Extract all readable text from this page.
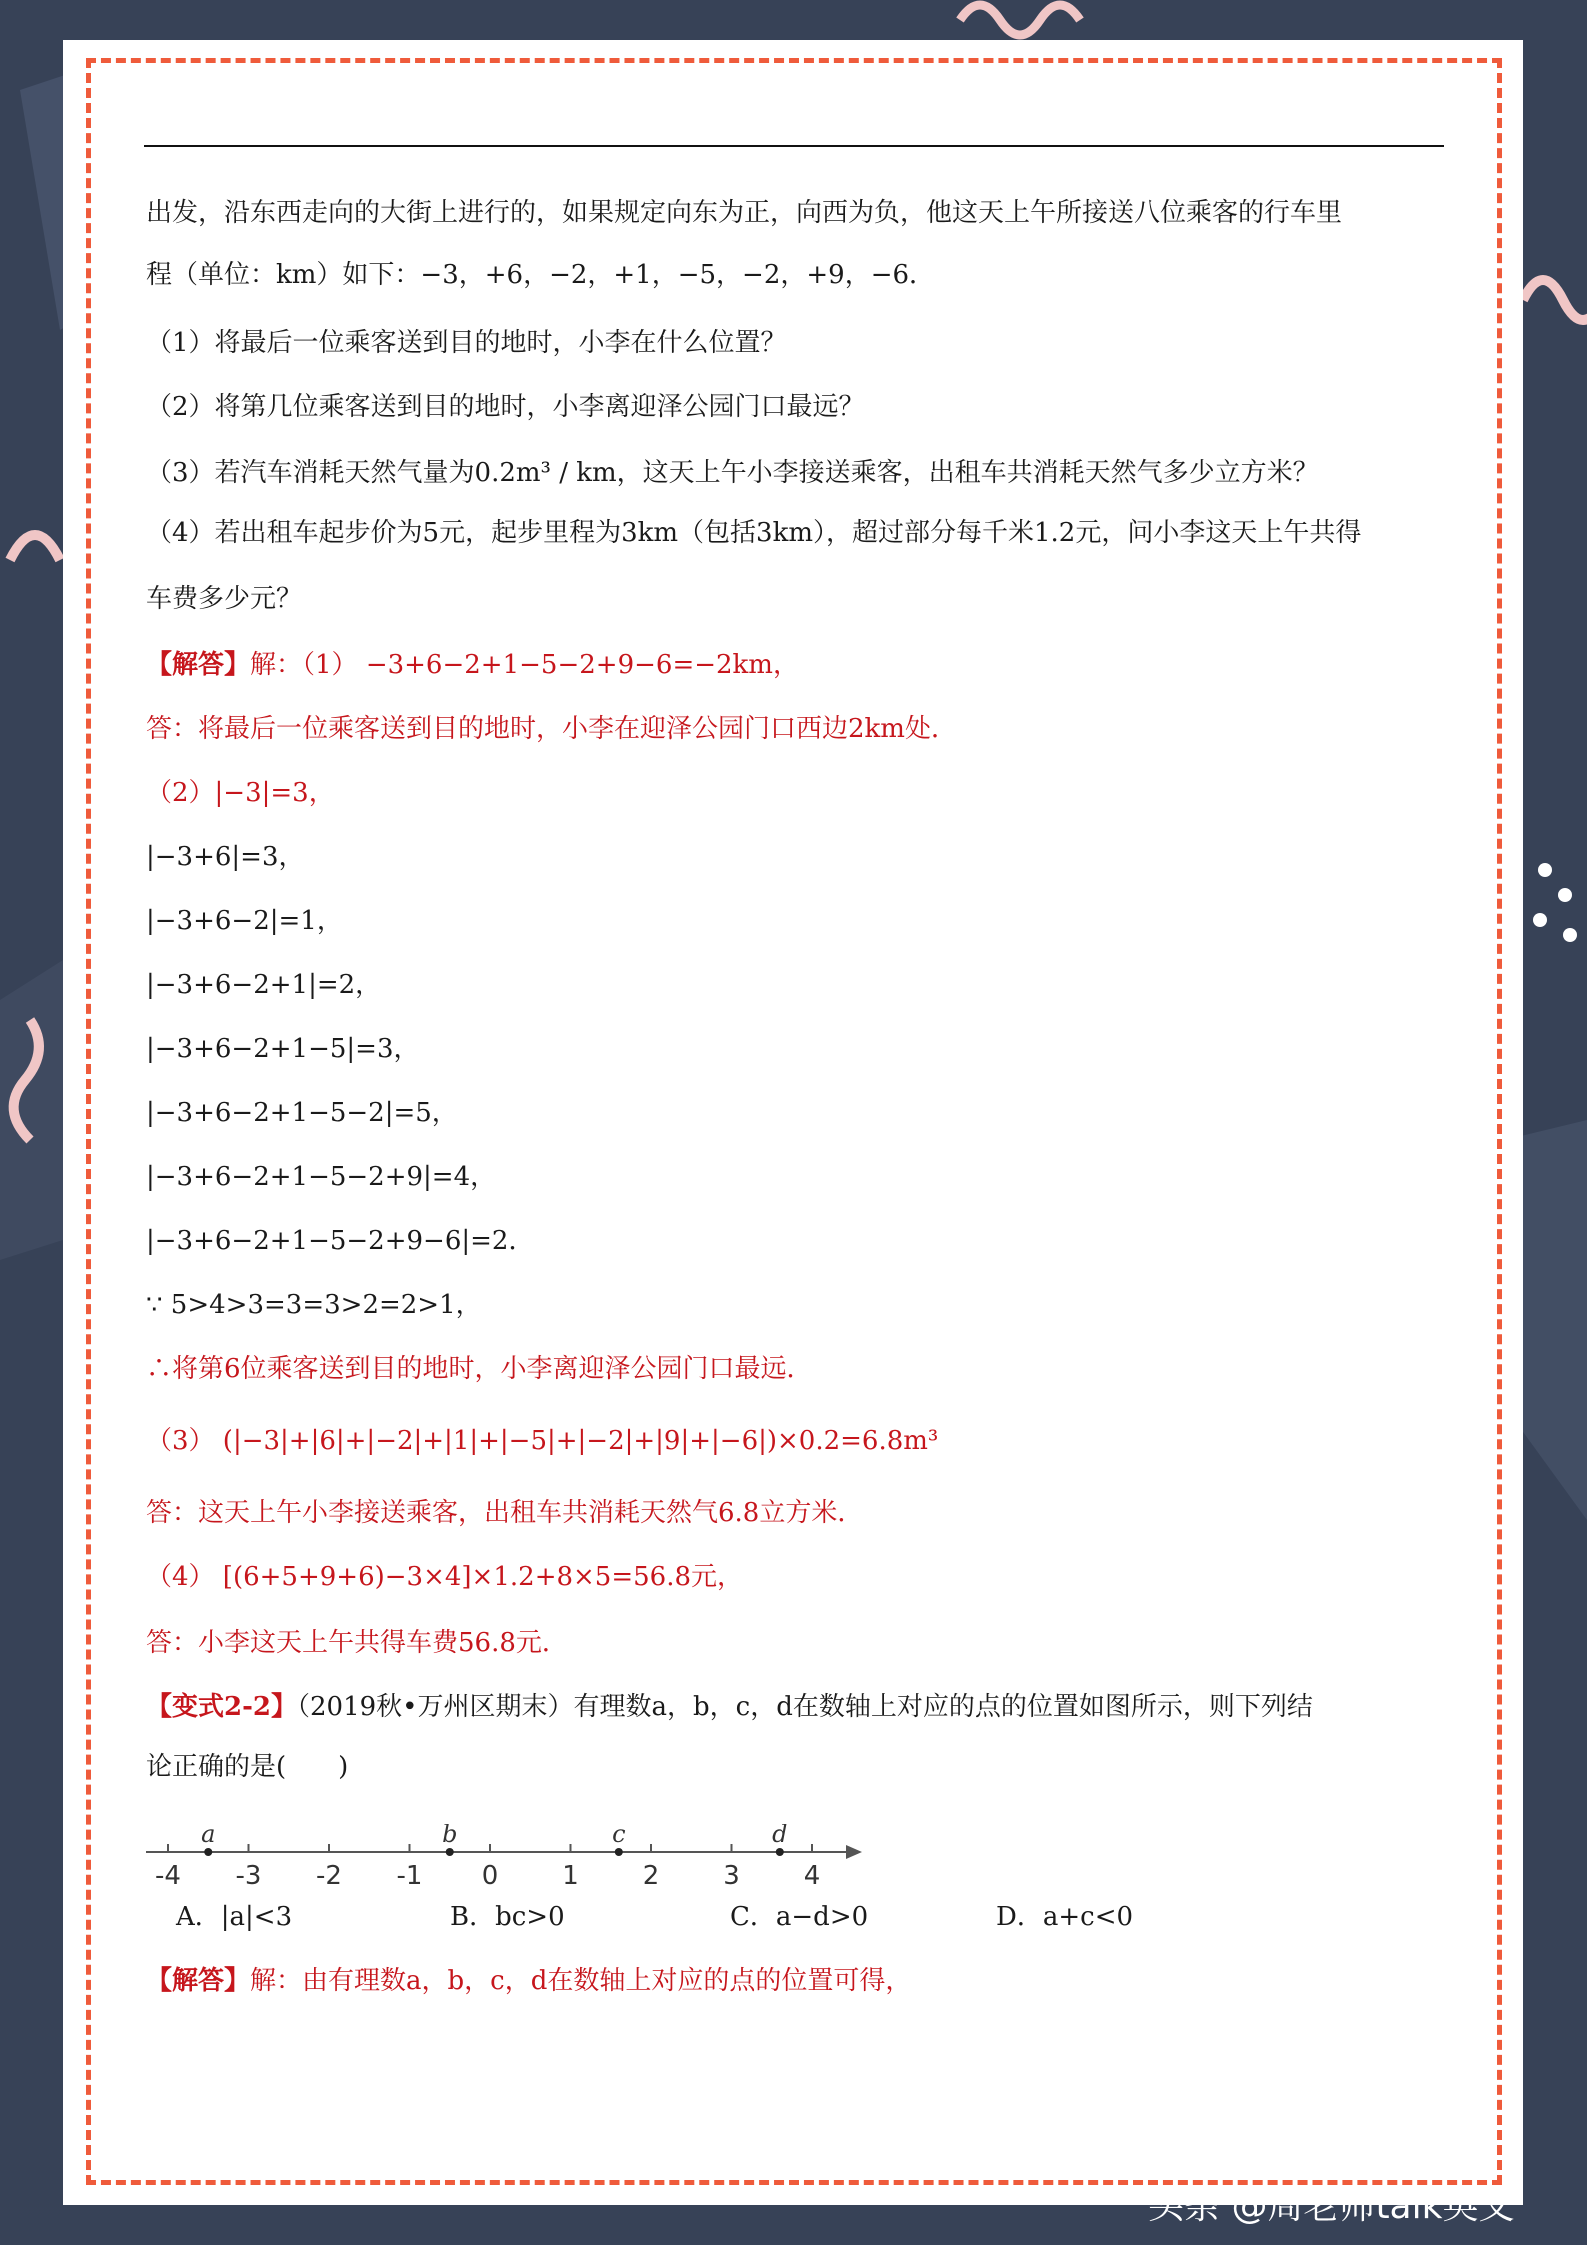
出发，沿东西走向的大街上进行的，如果规定向东为正，向西为负，他这天上午所接送八位乘客的行车里
程（单位：km）如下：−3，+6，−2，+1，−5，−2，+9，−6．
（1）将最后一位乘客送到目的地时，小李在什么位置？
（2）将第几位乘客送到目的地时，小李离迎泽公园门口最远？
（3）若汽车消耗天然气量为0.2m³ / km，这天上午小李接送乘客，出租车共消耗天然气多少立方米？
（4）若出租车起步价为5元，起步里程为3km（包括3km），超过部分每千米1.2元，问小李这天上午共得
车费多少元？
【解答】解：（1） −3+6−2+1−5−2+9−6=−2km，
答：将最后一位乘客送到目的地时，小李在迎泽公园门口西边2km处．
（2）|−3|=3，
|−3+6|=3，
|−3+6−2|=1，
|−3+6−2+1|=2，
|−3+6−2+1−5|=3，
|−3+6−2+1−5−2|=5，
|−3+6−2+1−5−2+9|=4，
|−3+6−2+1−5−2+9−6|=2．
∵ 5>4>3=3=3>2=2>1，
∴将第6位乘客送到目的地时，小李离迎泽公园门口最远．
（3） (|−3|+|6|+|−2|+|1|+|−5|+|−2|+|9|+|−6|)×0.2=6.8m³
答：这天上午小李接送乘客，出租车共消耗天然气6.8立方米．
（4） [(6+5+9+6)−3×4]×1.2+8×5=56.8元，
答：小李这天上午共得车费56.8元．
【变式2-2】（2019秋•万州区期末）有理数a，b，c，d在数轴上对应的点的位置如图所示，则下列结
论正确的是(　　)
-4 -3 -2 -1 0 1 2 3 4
a	b	c	d
A．|a|<3	B．bc>0	C．a−d>0	D．a+c<0
【解答】解：由有理数a，b，c，d在数轴上对应的点的位置可得，
头条 @周老师talk英文
